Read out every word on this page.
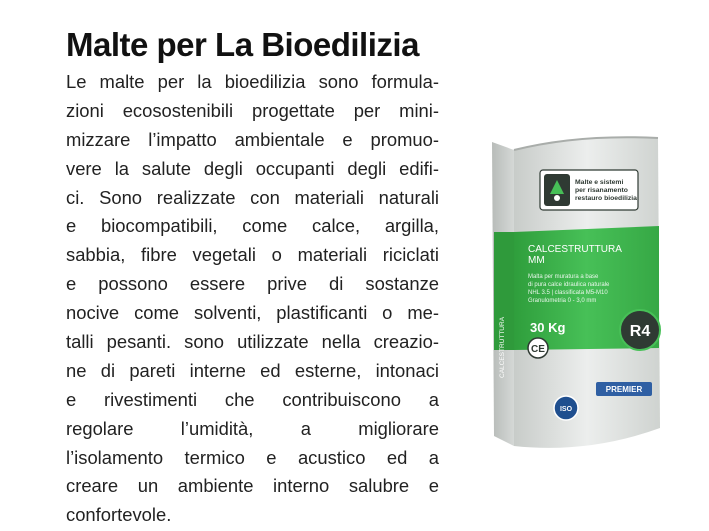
Malte per La Bioedilizia
Le malte per la bioedilizia sono formula-
zioni ecosostenibili progettate per mini-
mizzare l’impatto ambientale e promuo-
vere la salute degli occupanti degli edifi-
ci. Sono realizzate con materiali naturali
e biocompatibili, come calce, argilla,
sabbia, fibre vegetali o materiali riciclati
e possono essere prive di sostanze
nocive come solventi, plastificanti o me-
talli pesanti. sono utilizzate nella creazio-
ne di pareti interne ed esterne, intonaci
e rivestimenti che contribuiscono a
regolare l’umidità, a migliorare
l’isolamento termico e acustico ed a
creare un ambiente interno salubre e
confortevole.
Malte e sistemi
per risanamento
restauro bioedilizia
CALCESTRUTTURA
MM
Malta per muratura a base
di pura calce idraulica naturale
NHL 3.5 | classificata M5-M10
Granulometria 0 - 3,0 mm
30 Kg
CE
R4
CALCESTRUTTURA
ISO
PREMIER
